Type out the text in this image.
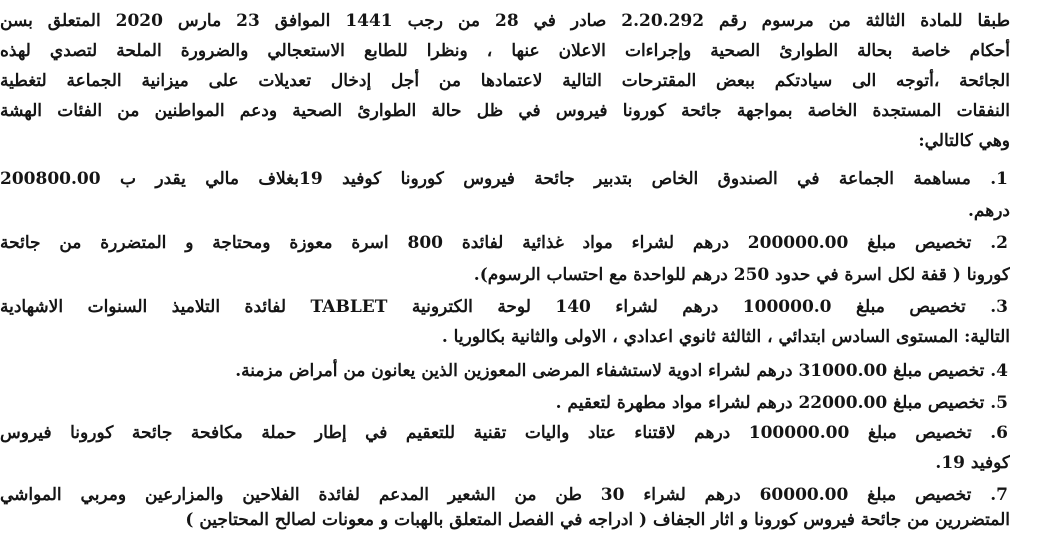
طبقا للمادة الثالثة من مرسوم رقم 2.20.292 صادر في 28 من رجب 1441 الموافق 23 مارس 2020 المتعلق بسن
أحكام خاصة بحالة الطوارئ الصحية وإجراءات الاعلان عنها ، ونظرا للطابع الاستعجالي والضرورة الملحة لتصدي لهذه
الجائحة ،أتوجه الى سيادتكم ببعض المقترحات التالية لاعتمادها من أجل إدخال تعديلات على ميزانية الجماعة لتغطية
النفقات المستجدة الخاصة بمواجهة جائحة كورونا فيروس في ظل حالة الطوارئ الصحية ودعم المواطنين من الفئات الهشة
وهي كالتالي:
1. مساهمة الجماعة في الصندوق الخاص بتدبير جائحة فيروس كورونا كوفيد 19بغلاف مالي يقدر ب 200800.00
درهم.
2. تخصيص مبلغ 200000.00 درهم لشراء مواد غذائية لفائدة 800 اسرة معوزة ومحتاجة و المتضررة من جائحة
كورونا ( قفة لكل اسرة في حدود 250 درهم للواحدة مع احتساب الرسوم).
3. تخصيص مبلغ 100000.0 درهم لشراء 140 لوحة الكترونية TABLET لفائدة التلاميذ السنوات الاشهادية
التالية: المستوى السادس ابتدائي ، الثالثة ثانوي اعدادي ، الاولى والثانية بكالوريا .
4. تخصيص مبلغ 31000.00 درهم لشراء ادوية لاستشفاء المرضى المعوزين الذين يعانون من أمراض مزمنة.
5. تخصيص مبلغ 22000.00 درهم لشراء مواد مطهرة لتعقيم .
6. تخصيص مبلغ 100000.00 درهم لاقتناء عتاد واليات تقنية للتعقيم في إطار حملة مكافحة جائحة كورونا فيروس
كوفيد 19.
7. تخصيص مبلغ 60000.00 درهم لشراء 30 طن من الشعير المدعم لفائدة الفلاحين والمزارعين ومربي المواشي
المتضررين من جائحة فيروس كورونا و اثار الجفاف ( ادراجه في الفصل المتعلق بالهبات و معونات لصالح المحتاجين )
